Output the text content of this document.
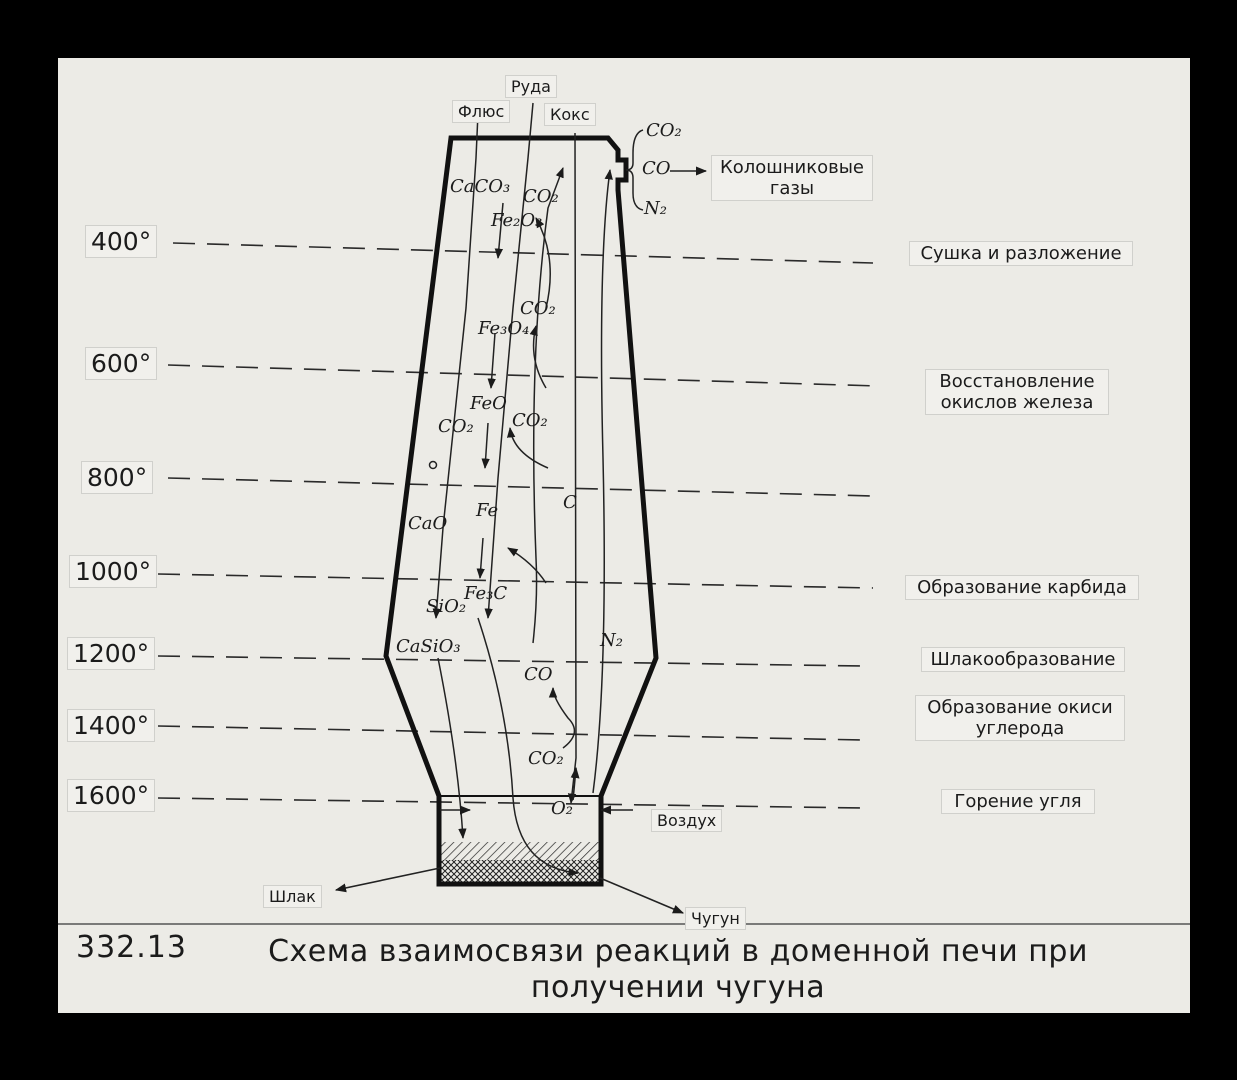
Руда
Флюс	Кокс
CO₂
CO
N₂
Колошниковые
газы
400°
600°
800°
1000°
1200°
1400°
1600°
Сушка и разложение
Восстановление
окислов железа
Образование карбида
Шлакообразование
Образование окиси
углерода
Горение угля
CaCO₃ CO₂
Fe₂O₃
CO₂
Fe₃O₄
FeO
CO₂ CO₂
CaO
Fe	C
SiO₂
Fe₃C
CaSiO₃	N₂
CO
CO₂
O₂
Воздух
Шлак
Чугун
332.13	Схема взаимосвязи реакций в доменной печи при
получении чугуна
